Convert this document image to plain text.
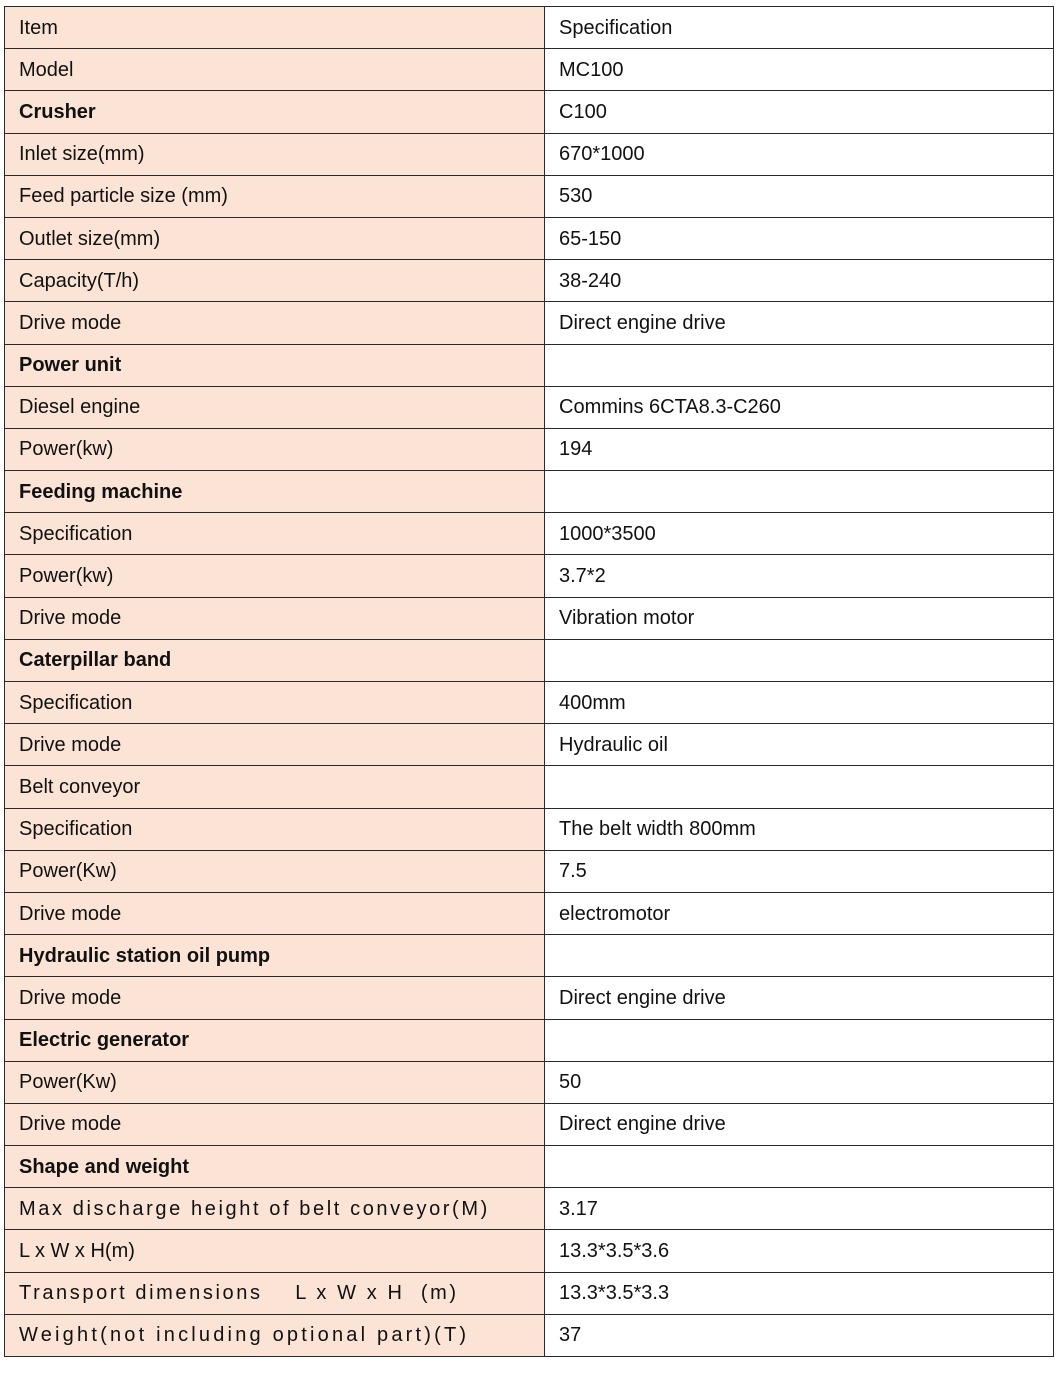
Item	Specification
Model	MC100
Crusher	C100
Inlet size(mm)	670*1000
Feed particle size (mm)	530
Outlet size(mm)	65-150
Capacity(T/h)	38-240
Drive mode	Direct engine drive
Power unit	
Diesel engine	Commins 6CTA8.3-C260
Power(kw)	194
Feeding machine	
Specification	1000*3500
Power(kw)	3.7*2
Drive mode	Vibration motor
Caterpillar band	
Specification	400mm
Drive mode	Hydraulic oil
Belt conveyor	
Specification	The belt width 800mm
Power(Kw)	7.5
Drive mode	electromotor
Hydraulic station oil pump	
Drive mode	Direct engine drive
Electric generator	
Power(Kw)	50
Drive mode	Direct engine drive
Shape and weight	
Max discharge height of belt conveyor(M)	3.17
L x W x H(m)	13.3*3.5*3.6
Transport dimensions    L x W x H  (m)	13.3*3.5*3.3
Weight(not including optional part)(T)	37
